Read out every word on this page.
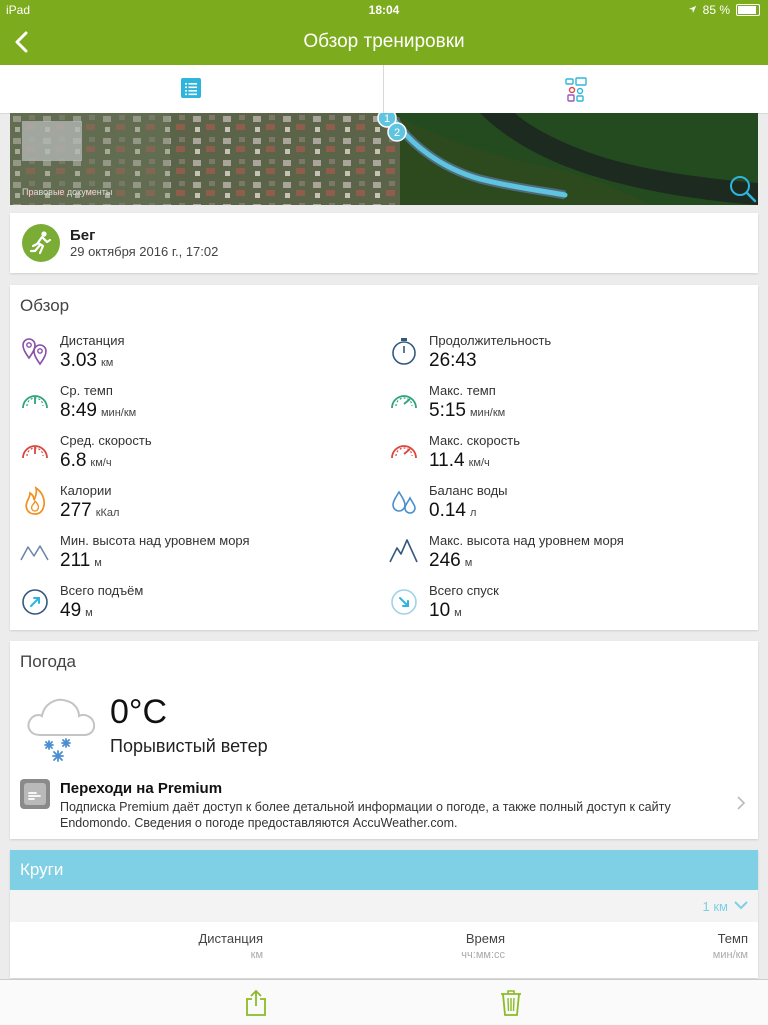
iPad	18:04	85 %
Обзор тренировки
1
2
Правовые документы
Бег
29 октября 2016 г., 17:02
Обзор
Дистанция
3.03 км
Продолжительность
26:43
Ср. темп
8:49 мин/км
Макс. темп
5:15 мин/км
Сред. скорость
6.8 км/ч
Макс. скорость
11.4 км/ч
Калории
277 кКал
Баланс воды
0.14 л
Мин. высота над уровнем моря
211 м
Макс. высота над уровнем моря
246 м
Всего подъём
49 м
Всего спуск
10 м
Погода
0°C
Порывистый ветер
Переходи на Premium
Подписка Premium даёт доступ к более детальной информации о погоде, а также полный доступ к сайту Endomondo. Сведения о погоде предоставляются AccuWeather.com.
Круги
1 км
Дистанция
км
Время
чч:мм:сс
Темп
мин/км
